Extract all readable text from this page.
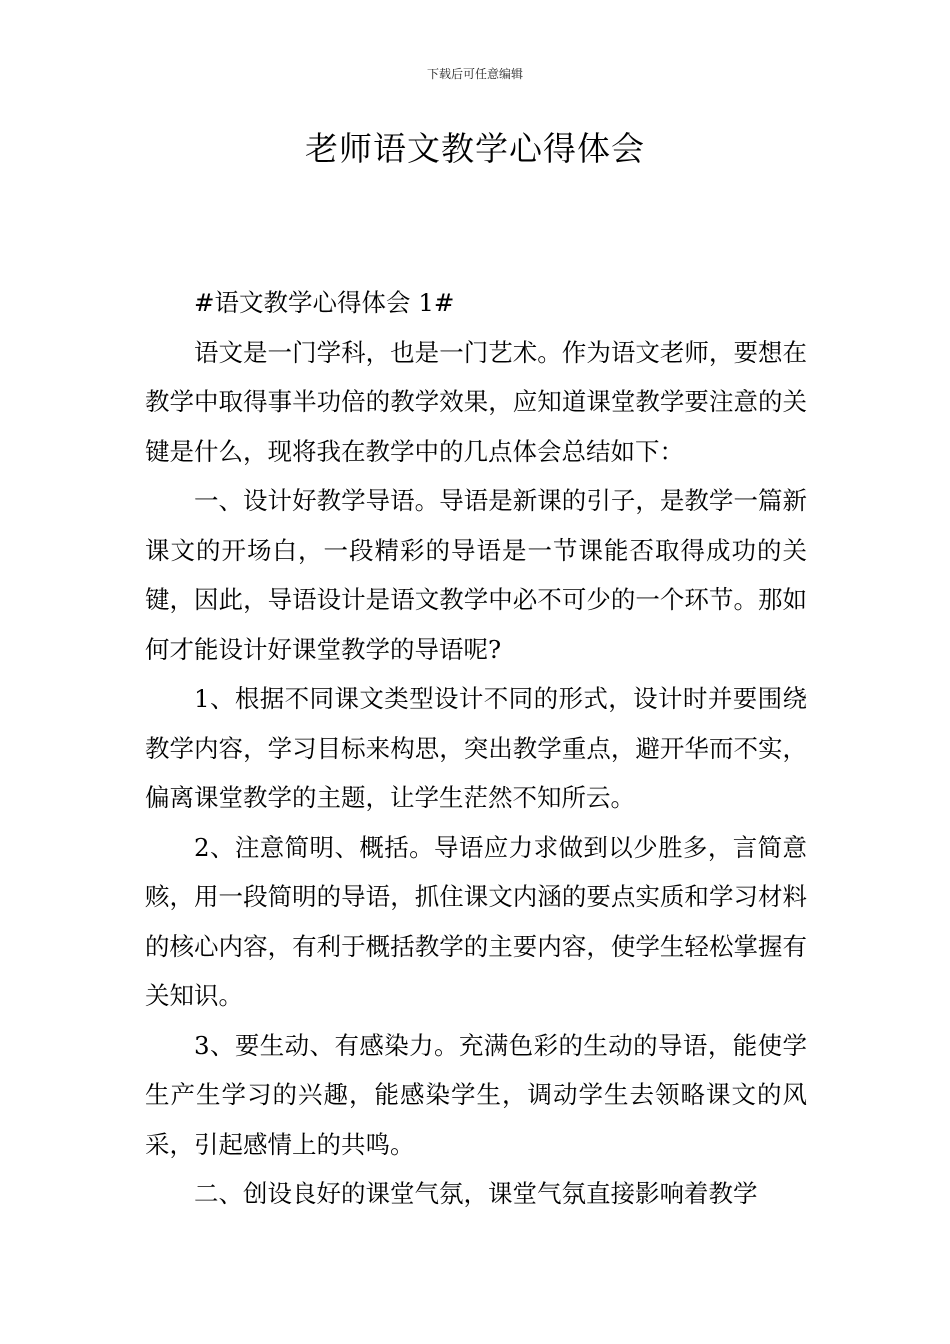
下载后可任意编辑
老师语文教学心得体会

#语文教学心得体会 1#

语文是一门学科，也是一门艺术。作为语文老师，要想在教学中取得事半功倍的教学效果，应知道课堂教学要注意的关键是什么，现将我在教学中的几点体会总结如下：

一、设计好教学导语。导语是新课的引子，是教学一篇新课文的开场白，一段精彩的导语是一节课能否取得成功的关键，因此，导语设计是语文教学中必不可少的一个环节。那如何才能设计好课堂教学的导语呢?

1、根据不同课文类型设计不同的形式，设计时并要围绕教学内容，学习目标来构思，突出教学重点，避开华而不实，偏离课堂教学的主题，让学生茫然不知所云。

2、注意简明、概括。导语应力求做到以少胜多，言简意赅，用一段简明的导语，抓住课文内涵的要点实质和学习材料的核心内容，有利于概括教学的主要内容，使学生轻松掌握有关知识。

3、要生动、有感染力。充满色彩的生动的导语，能使学生产生学习的兴趣，能感染学生，调动学生去领略课文的风采，引起感情上的共鸣。

二、创设良好的课堂气氛，课堂气氛直接影响着教学
